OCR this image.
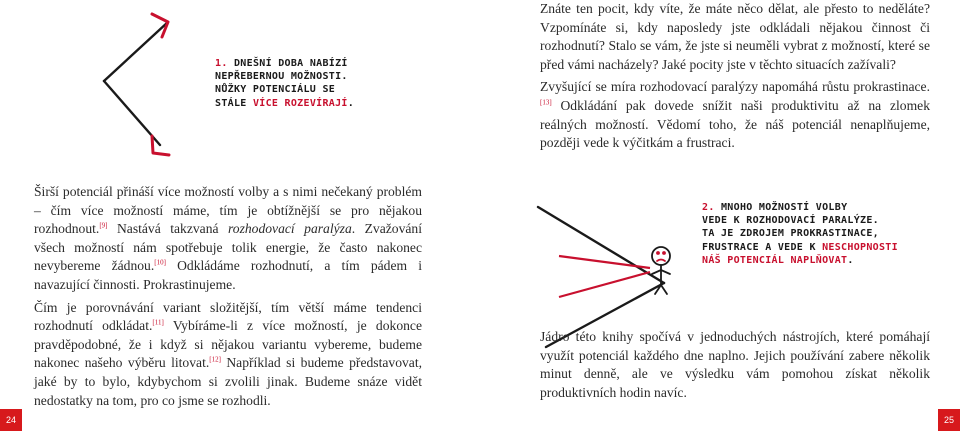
1. DNEŠNÍ DOBA NABÍZÍ
NEPŘEBERNOU MOŽNOSTI.
NŮŽKY POTENCIÁLU SE
STÁLE VÍCE ROZEVÍRAJÍ.

Širší potenciál přináší více možností volby a s nimi nečekaný problém – čím více možností máme, tím je obtížnější se pro nějakou rozhodnout.[9] Nastává takzvaná rozhodovací paralýza. Zvažování všech možností nám spotřebuje tolik energie, že často nakonec nevybereme žádnou.[10] Odkládáme rozhodnutí, a tím pádem i navazující činnosti. Prokrastinujeme.

Čím je porovnávání variant složitější, tím větší máme tendenci rozhodnutí odkládat.[11] Vybíráme-li z více možností, je dokonce pravděpodobné, že i když si nějakou variantu vybereme, budeme nakonec našeho výběru litovat.[12] Například si budeme představovat, jaké by to bylo, kdybychom si zvolili jinak. Budeme snáze vidět nedostatky na tom, pro co jsme se rozhodli.

24

Znáte ten pocit, kdy víte, že máte něco dělat, ale přesto to neděláte? Vzpomínáte si, kdy naposledy jste odkládali nějakou činnost či rozhodnutí? Stalo se vám, že jste si neuměli vybrat z možností, které se před vámi nacházely? Jaké pocity jste v těchto situacích zažívali?

Zvyšující se míra rozhodovací paralýzy napomáhá růstu prokrastinace.[13] Odkládání pak dovede snížit naši produktivitu až na zlomek reálných možností. Vědomí toho, že náš potenciál nenaplňujeme, později vede k výčitkám a frustraci.

2. MNOHO MOŽNOSTÍ VOLBY
VEDE K ROZHODOVACÍ PARALÝZE.
TA JE ZDROJEM PROKRASTINACE,
FRUSTRACE A VEDE K NESCHOPNOSTI
NÁŠ POTENCIÁL NAPLŇOVAT.

Jádro této knihy spočívá v jednoduchých nástrojích, které pomáhají využít potenciál každého dne naplno. Jejich používání zabere několik minut denně, ale ve výsledku vám pomohou získat několik produktivních hodin navíc.

25
